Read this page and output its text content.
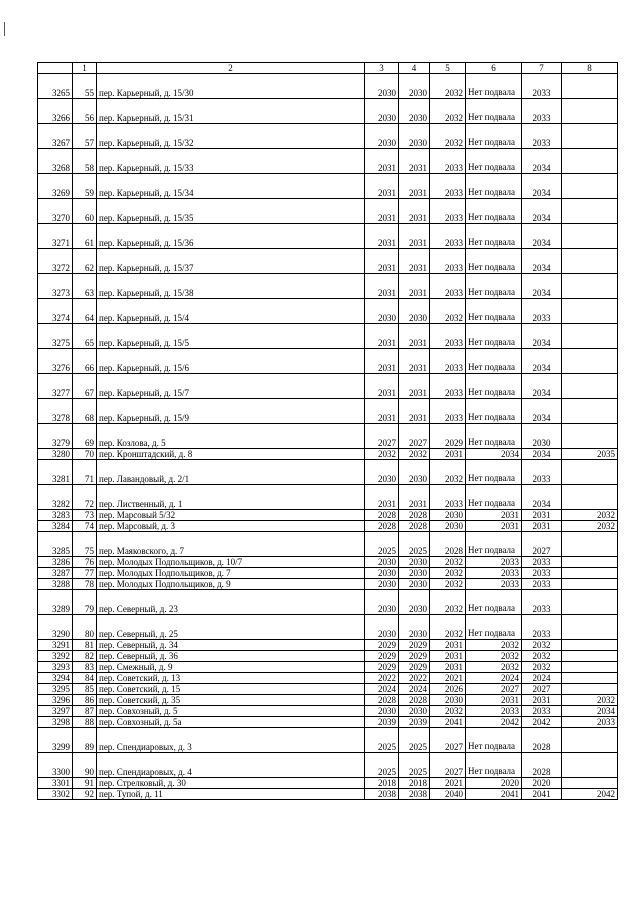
	1	2	3	4	5	6	7	8
3265	55	пер. Карьерный, д. 15/30	2030	2030	2032	Нет подвала	2033	
3266	56	пер. Карьерный, д. 15/31	2030	2030	2032	Нет подвала	2033	
3267	57	пер. Карьерный, д. 15/32	2030	2030	2032	Нет подвала	2033	
3268	58	пер. Карьерный, д. 15/33	2031	2031	2033	Нет подвала	2034	
3269	59	пер. Карьерный, д. 15/34	2031	2031	2033	Нет подвала	2034	
3270	60	пер. Карьерный, д. 15/35	2031	2031	2033	Нет подвала	2034	
3271	61	пер. Карьерный, д. 15/36	2031	2031	2033	Нет подвала	2034	
3272	62	пер. Карьерный, д. 15/37	2031	2031	2033	Нет подвала	2034	
3273	63	пер. Карьерный, д. 15/38	2031	2031	2033	Нет подвала	2034	
3274	64	пер. Карьерный, д. 15/4	2030	2030	2032	Нет подвала	2033	
3275	65	пер. Карьерный, д. 15/5	2031	2031	2033	Нет подвала	2034	
3276	66	пер. Карьерный, д. 15/6	2031	2031	2033	Нет подвала	2034	
3277	67	пер. Карьерный, д. 15/7	2031	2031	2033	Нет подвала	2034	
3278	68	пер. Карьерный, д. 15/9	2031	2031	2033	Нет подвала	2034	
3279	69	пер. Козлова, д. 5	2027	2027	2029	Нет подвала	2030	
3280	70	пер. Кронштадский, д. 8	2032	2032	2031	2034	2034	2035
3281	71	пер. Лавандовый, д. 2/1	2030	2030	2032	Нет подвала	2033	
3282	72	пер. Лиственный, д. 1	2031	2031	2033	Нет подвала	2034	
3283	73	пер. Марсовый 5/32	2028	2028	2030	2031	2031	2032
3284	74	пер. Марсовый, д. 3	2028	2028	2030	2031	2031	2032
3285	75	пер. Маяковского, д. 7	2025	2025	2028	Нет подвала	2027	
3286	76	пер. Молодых Подпольщиков, д. 10/7	2030	2030	2032	2033	2033	
3287	77	пер. Молодых Подпольщиков, д. 7	2030	2030	2032	2033	2033	
3288	78	пер. Молодых Подпольщиков, д. 9	2030	2030	2032	2033	2033	
3289	79	пер. Северный, д. 23	2030	2030	2032	Нет подвала	2033	
3290	80	пер. Северный, д. 25	2030	2030	2032	Нет подвала	2033	
3291	81	пер. Северный, д. 34	2029	2029	2031	2032	2032	
3292	82	пер. Северный, д. 36	2029	2029	2031	2032	2032	
3293	83	пер. Смежный, д. 9	2029	2029	2031	2032	2032	
3294	84	пер. Советский, д. 13	2022	2022	2021	2024	2024	
3295	85	пер. Советский, д. 15	2024	2024	2026	2027	2027	
3296	86	пер. Советский, д. 35	2028	2028	2030	2031	2031	2032
3297	87	пер. Совхозный, д. 5	2030	2030	2032	2033	2033	2034
3298	88	пер. Совхозный, д. 5а	2039	2039	2041	2042	2042	2033
3299	89	пер. Спендиаровых, д. 3	2025	2025	2027	Нет подвала	2028	
3300	90	пер. Спендиаровых, д. 4	2025	2025	2027	Нет подвала	2028	
3301	91	пер. Стрелковый, д. 30	2018	2018	2021	2020	2020	
3302	92	пер. Тупой, д. 11	2038	2038	2040	2041	2041	2042
